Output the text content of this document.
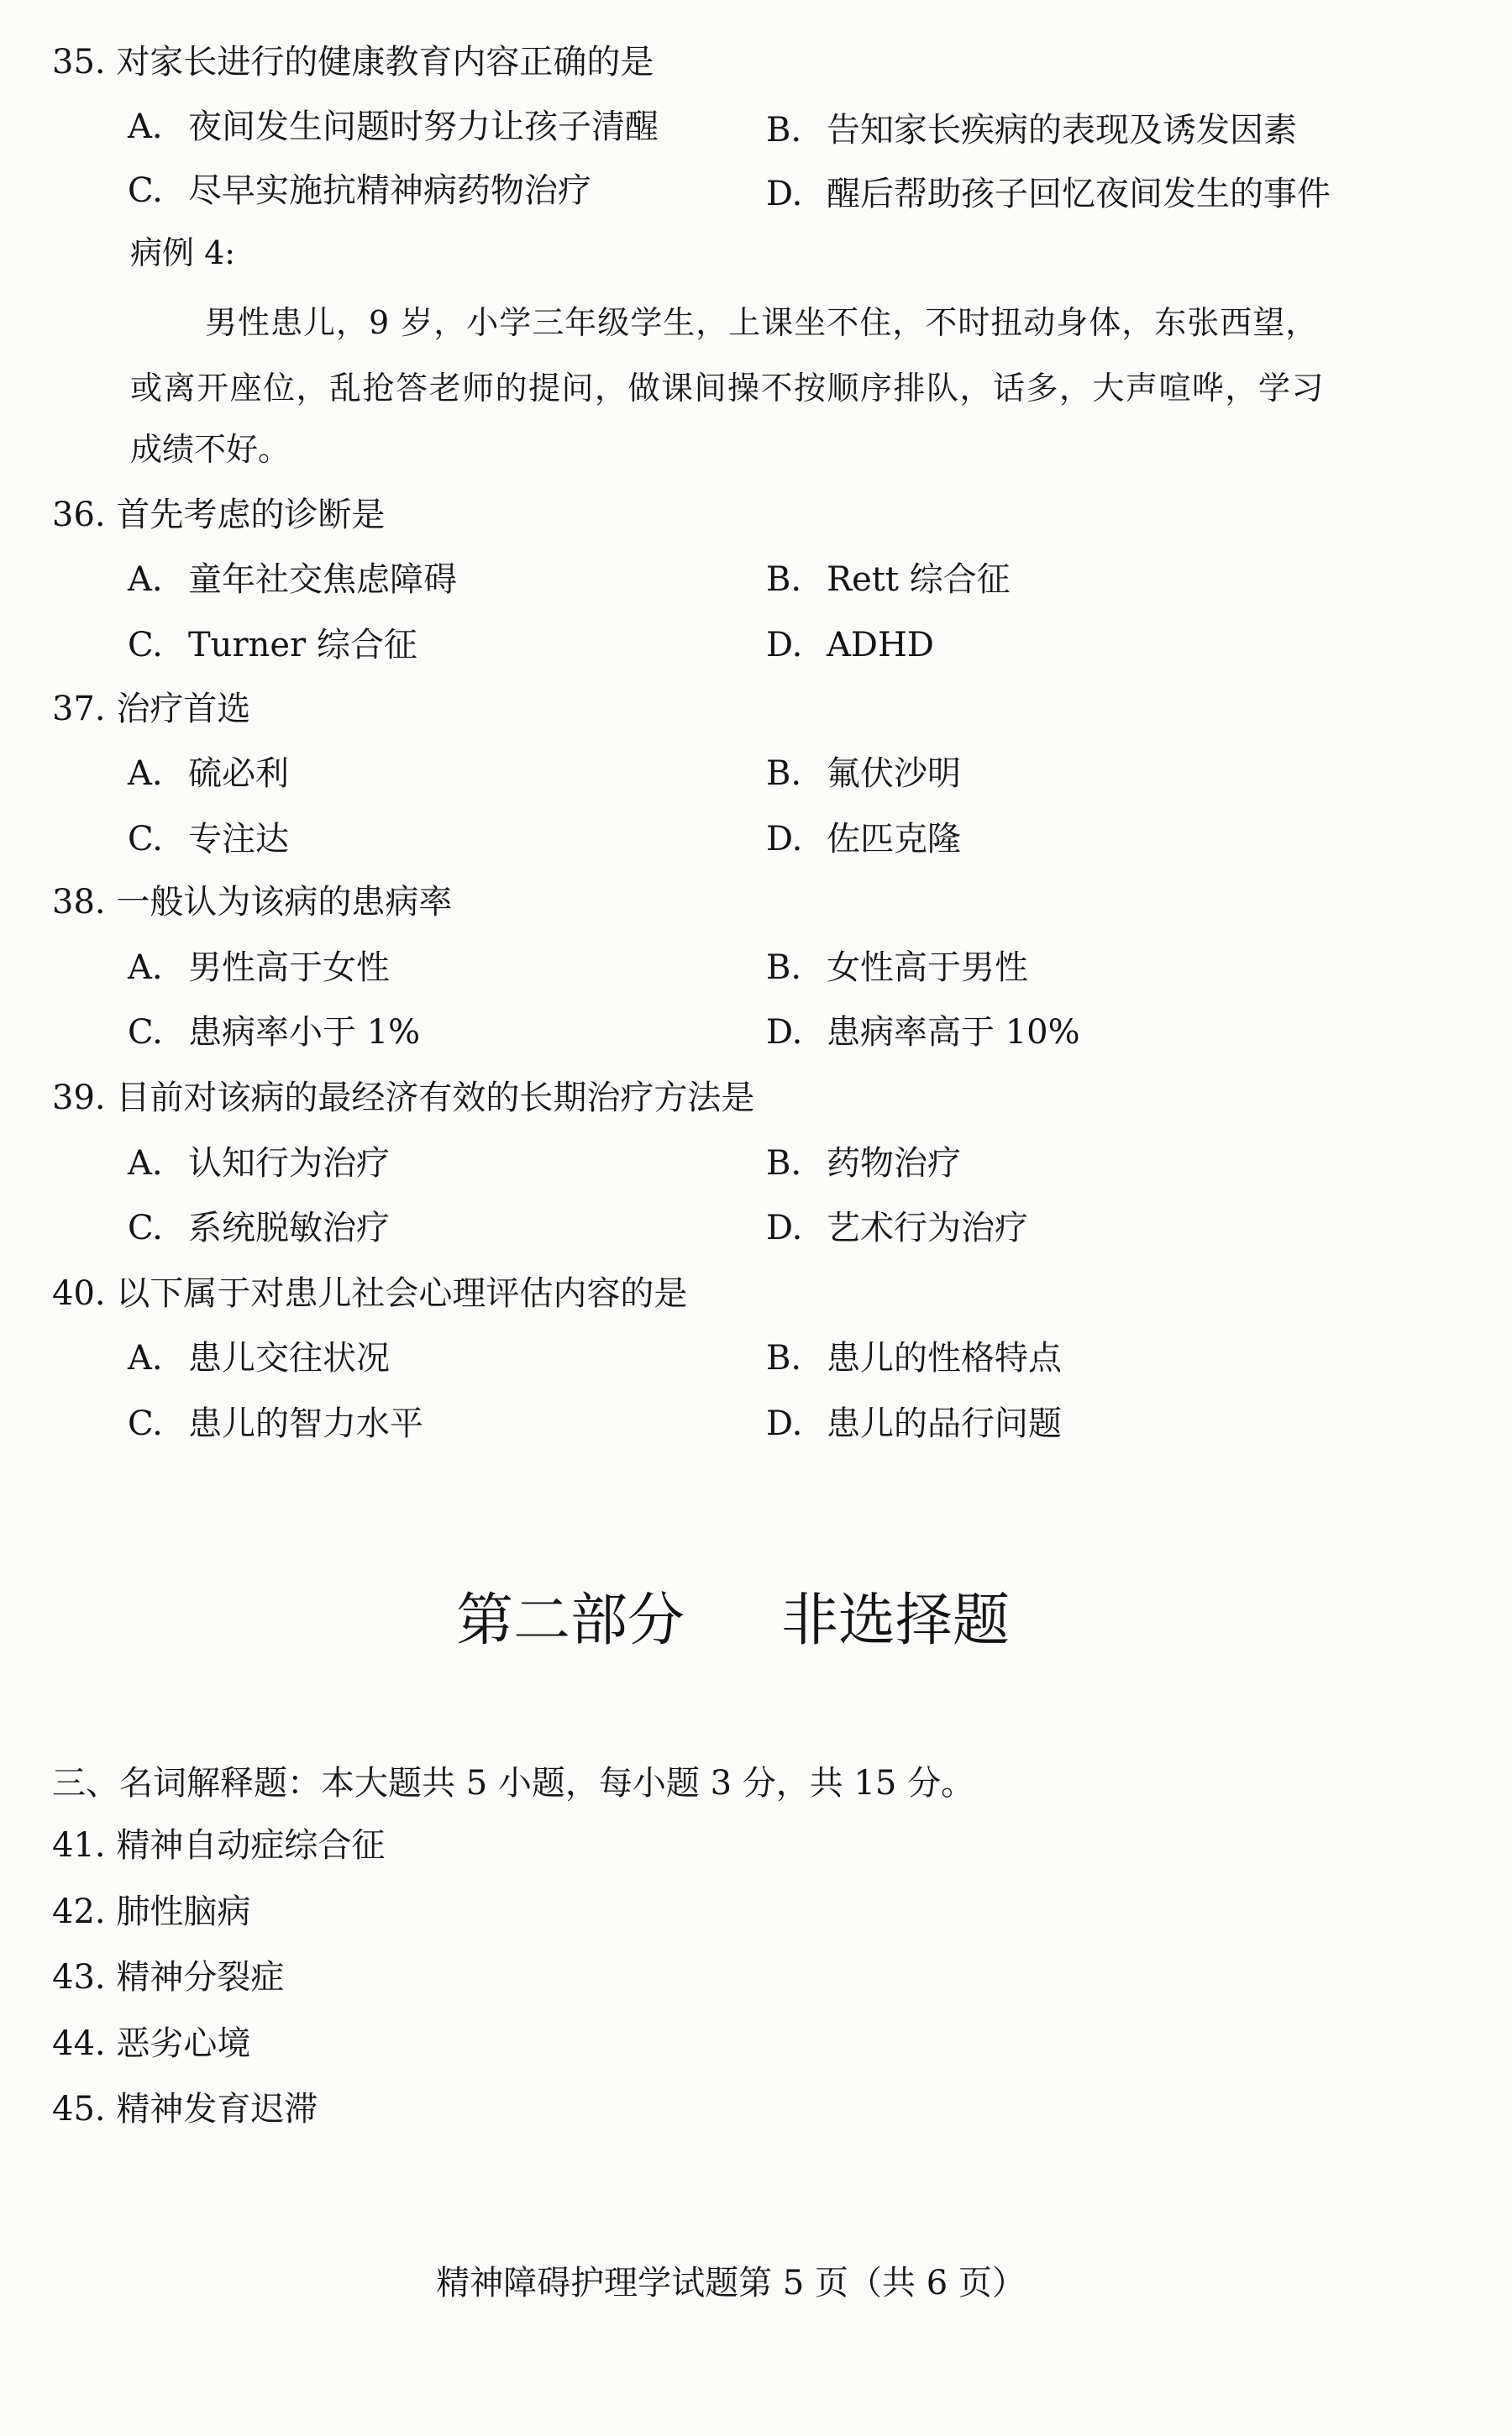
35. 对家长进行的健康教育内容正确的是
A. 夜间发生问题时努力让孩子清醒	B. 告知家长疾病的表现及诱发因素
C. 尽早实施抗精神病药物治疗	D. 醒后帮助孩子回忆夜间发生的事件
病例 4:
男性患儿，9 岁，小学三年级学生，上课坐不住，不时扭动身体，东张西望，
或离开座位，乱抢答老师的提问，做课间操不按顺序排队，话多，大声喧哗，学习
成绩不好。
36. 首先考虑的诊断是
A. 童年社交焦虑障碍	B. Rett 综合征
C. Turner 综合征	D. ADHD
37. 治疗首选
A. 硫必利	B. 氟伏沙明
C. 专注达	D. 佐匹克隆
38. 一般认为该病的患病率
A. 男性高于女性	B. 女性高于男性
C. 患病率小于 1%	D. 患病率高于 10%
39. 目前对该病的最经济有效的长期治疗方法是
A. 认知行为治疗	B. 药物治疗
C. 系统脱敏治疗	D. 艺术行为治疗
40. 以下属于对患儿社会心理评估内容的是
A. 患儿交往状况	B. 患儿的性格特点
C. 患儿的智力水平	D. 患儿的品行问题
第二部分 非选择题
三、名词解释题：本大题共 5 小题，每小题 3 分，共 15 分。
41. 精神自动症综合征
42. 肺性脑病
43. 精神分裂症
44. 恶劣心境
45. 精神发育迟滞
精神障碍护理学试题第 5 页（共 6 页）
